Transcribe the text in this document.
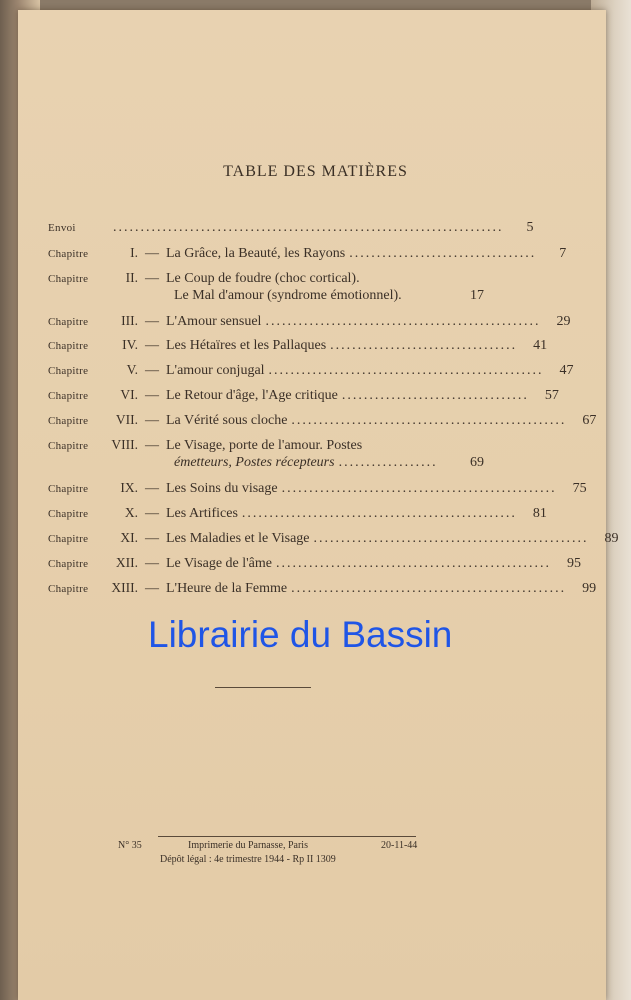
TABLE DES MATIÈRES
Envoi	.......................................................................	5
Chapitre	I. — La Grâce, la Beauté, les Rayons ..................................	7
Chapitre	II. — Le Coup de foudre (choc cortical).
Le Mal d'amour (syndrome émotionnel).	17
Chapitre	III. — L'Amour sensuel ..................................................	29
Chapitre	IV. — Les Hétaïres et les Pallaques ..................................	41
Chapitre	V. — L'amour conjugal ..................................................	47
Chapitre	VI. — Le Retour d'âge, l'Age critique ..................................	57
Chapitre	VII. — La Vérité sous cloche ..................................................	67
Chapitre	VIII. — Le Visage, porte de l'amour. Postes
émetteurs, Postes récepteurs ..................	69
Chapitre	IX. — Les Soins du visage ..................................................	75
Chapitre	X. — Les Artifices ..................................................	81
Chapitre	XI. — Les Maladies et le Visage ..................................................	89
Chapitre	XII. — Le Visage de l'âme ..................................................	95
Chapitre	XIII. — L'Heure de la Femme ..................................................	99
Librairie du Bassin
N° 35	Imprimerie du Parnasse, Paris	20-11-44
Dépôt légal : 4e trimestre 1944 - Rp II 1309
